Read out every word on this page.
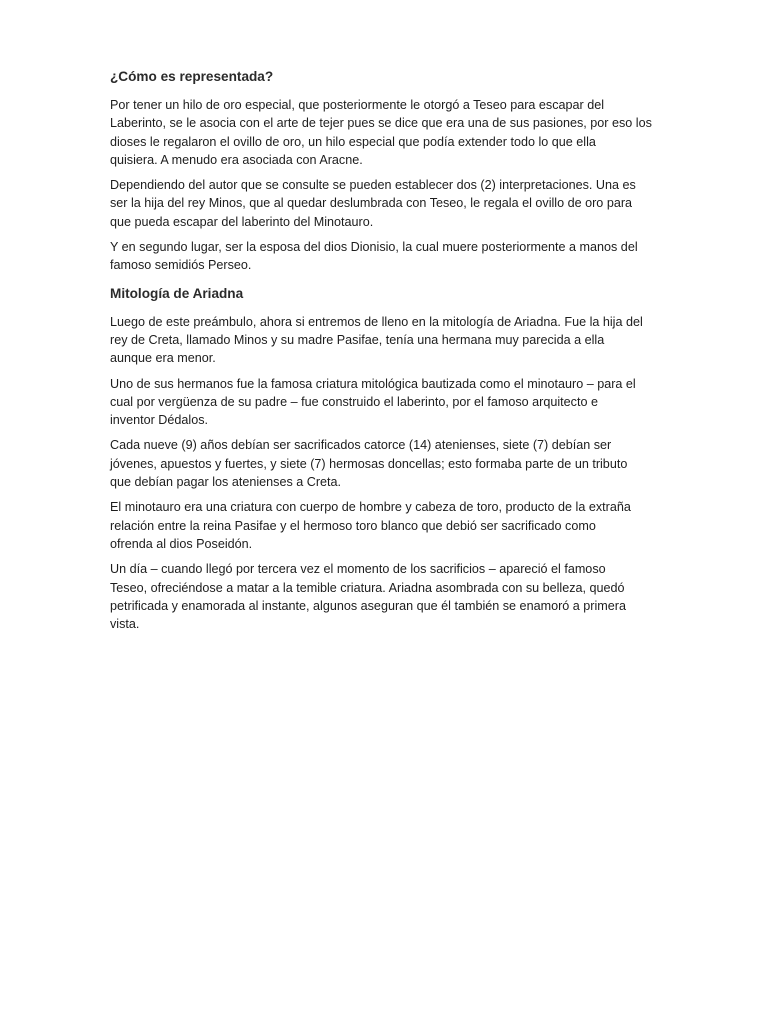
¿Cómo es representada?

Por tener un hilo de oro especial, que posteriormente le otorgó a Teseo para escapar del
Laberinto, se le asocia con el arte de tejer pues se dice que era una de sus pasiones, por eso los
dioses le regalaron el ovillo de oro, un hilo especial que podía extender todo lo que ella
quisiera. A menudo era asociada con Aracne.

Dependiendo del autor que se consulte se pueden establecer dos (2) interpretaciones. Una es
ser la hija del rey Minos, que al quedar deslumbrada con Teseo, le regala el ovillo de oro para
que pueda escapar del laberinto del Minotauro.

Y en segundo lugar, ser la esposa del dios Dionisio, la cual muere posteriormente a manos del
famoso semidiós Perseo.

Mitología de Ariadna

Luego de este preámbulo, ahora si entremos de lleno en la mitología de Ariadna. Fue la hija del
rey de Creta, llamado Minos y su madre Pasifae, tenía una hermana muy parecida a ella
aunque era menor.

Uno de sus hermanos fue la famosa criatura mitológica bautizada como el minotauro – para el
cual por vergüenza de su padre – fue construido el laberinto, por el famoso arquitecto e
inventor Dédalos.

Cada nueve (9) años debían ser sacrificados catorce (14) atenienses, siete (7) debían ser
jóvenes, apuestos y fuertes, y siete (7) hermosas doncellas; esto formaba parte de un tributo
que debían pagar los atenienses a Creta.

El minotauro era una criatura con cuerpo de hombre y cabeza de toro, producto de la extraña
relación entre la reina Pasifae y el hermoso toro blanco que debió ser sacrificado como
ofrenda al dios Poseidón.

Un día – cuando llegó por tercera vez el momento de los sacrificios – apareció el famoso
Teseo, ofreciéndose a matar a la temible criatura. Ariadna asombrada con su belleza, quedó
petrificada y enamorada al instante, algunos aseguran que él también se enamoró a primera
vista.
